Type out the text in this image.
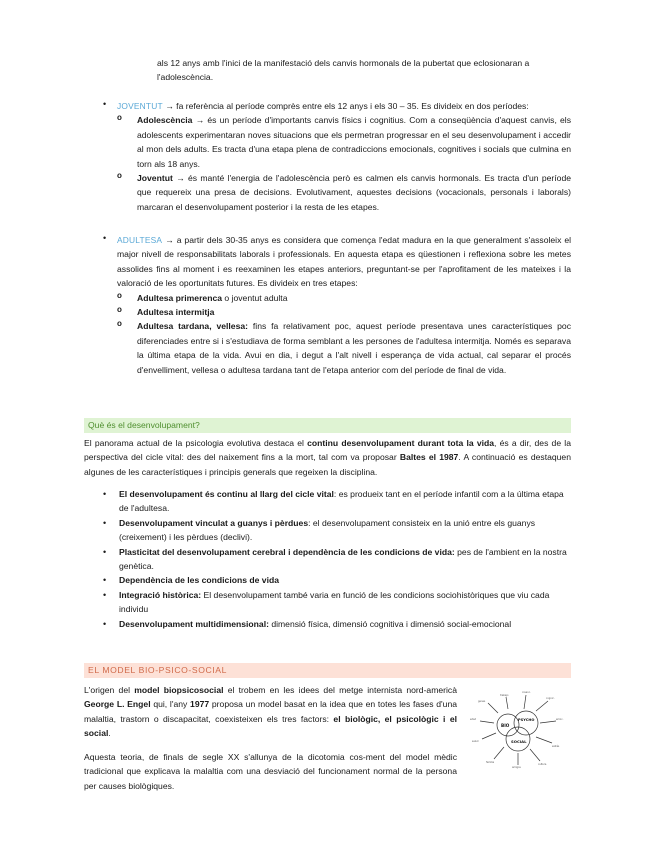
als 12 anys amb l'inici de la manifestació dels canvis hormonals de la pubertat que eclosionaran a l'adolescència.

• JOVENTUT → fa referència al període comprès entre els 12 anys i els 30 – 35. Es divideix en dos períodes:

o Adolescència → és un període d'importants canvis físics i cognitius. Com a conseqüència d'aquest canvis, els adolescents experimentaran noves situacions que els permetran progressar en el seu desenvolupament i accedir al mon dels adults. Es tracta d'una etapa plena de contradiccions emocionals, cognitives i socials que culmina en torn als 18 anys.

o Joventut → és manté l'energia de l'adolescència però es calmen els canvis hormonals. Es tracta d'un període que requereix una presa de decisions. Evolutivament, aquestes decisions (vocacionals, personals i laborals) marcaran el desenvolupament posterior i la resta de les etapes.

• ADULTESA → a partir dels 30-35 anys es considera que comença l'edat madura en la que generalment s'assoleix el major nivell de responsabilitats laborals i professionals. En aquesta etapa es qüestionen i reflexiona sobre les metes assolides fins al moment i es reexaminen les etapes anteriors, preguntant-se per l'aprofitament de les mateixes i la valoració de les oportunitats futures. Es divideix en tres etapes:

o Adultesa primerenca o joventut adulta

o Adultesa intermitja

o Adultesa tardana, vellesa: fins fa relativament poc, aquest període presentava unes característiques poc diferenciades entre si i s'estudiava de forma semblant a les persones de l'adultesa intermitja. Només es separava la última etapa de la vida. Avui en dia, i degut a l'alt nivell i esperança de vida actual, cal separar el procés d'envelliment, vellesa o adultesa tardana tant de l'etapa anterior com del període de final de vida.

Què és el desenvolupament?

El panorama actual de la psicologia evolutiva destaca el continu desenvolupament durant tota la vida, és a dir, des de la perspectiva del cicle vital: des del naixement fins a la mort, tal com va proposar Baltes el 1987. A continuació es destaquen algunes de les característiques i principis generals que regeixen la disciplina.

• El desenvolupament és continu al llarg del cicle vital: es produeix tant en el període infantil com a la última etapa de l'adultesa.
• Desenvolupament vinculat a guanys i pèrdues: el desenvolupament consisteix en la unió entre els guanys (creixement) i les pèrdues (declivi).
• Plasticitat del desenvolupament cerebral i dependència de les condicions de vida: pes de l'ambient en la nostra genètica.
• Dependència de les condicions de vida
• Integració històrica: El desenvolupament també varia en funció de les condicions sociohistòriques que viu cada individu
• Desenvolupament multidimensional: dimensió física, dimensió cognitiva i dimensió social-emocional
EL MODEL BIO-PSICO-SOCIAL

L'origen del model biopsicosocial el trobem en les idees del metge internista nord-americà George L. Engel qui, l'any 1977 proposa un model basat en la idea que en totes les fases d'una malaltia, trastorn o discapacitat, coexisteixen els tres factors: el biològic, el psicològic i el social.

Aquesta teoria, de finals de segle XX s'allunya de la dicotomia cos-ment del model mèdic tradicional que explicava la malaltia com una desviació del funcionament normal de la persona per causes biològiques.

trabajo
genes
edad
salud
familia
amigos
cultura
estrés
emoc.
cognic.
creenc.
BIO
PSYCHO
SOCIAL
